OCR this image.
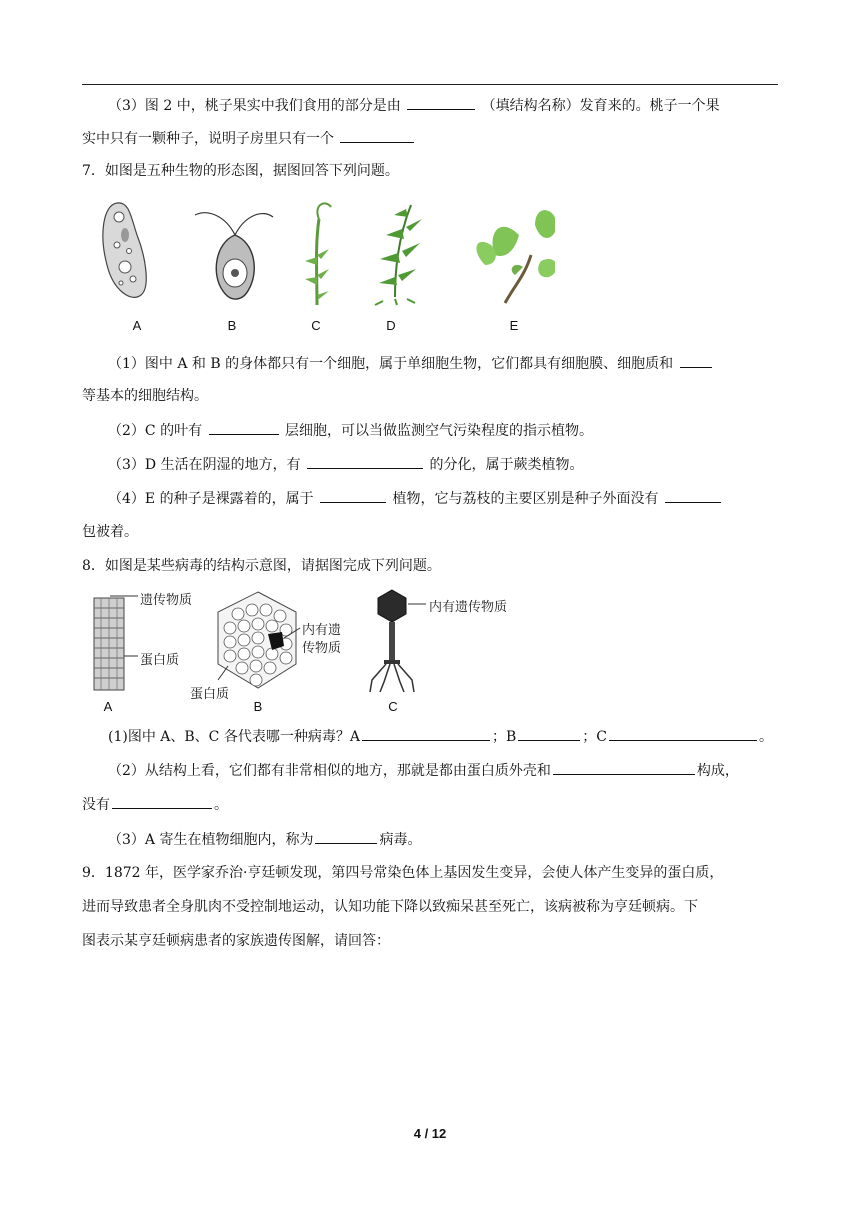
（3）图 2 中，桃子果实中我们食用的部分是由	（填结构名称）发育来的。桃子一个果
实中只有一颗种子，说明子房里只有一个
7．如图是五种生物的形态图，据图回答下列问题。
A	B	C	D	E
（1）图中 A 和 B 的身体都只有一个细胞，属于单细胞生物，它们都具有细胞膜、细胞质和
等基本的细胞结构。
（2）C 的叶有	层细胞，可以当做监测空气污染程度的指示植物。
（3）D 生活在阴湿的地方，有	的分化，属于蕨类植物。
（4）E 的种子是裸露着的，属于	植物，它与荔枝的主要区别是种子外面没有
包被着。
8．如图是某些病毒的结构示意图，请据图完成下列问题。
遗传物质
蛋白质
内有遗
传物质
蛋白质
内有遗传物质
A	B	C
(1)图中 A、B、C 各代表哪一种病毒？A	；B	；C	。
（2）从结构上看，它们都有非常相似的地方，那就是都由蛋白质外壳和	构成，
没有	。
（3）A 寄生在植物细胞内，称为	病毒。
9．1872 年，医学家乔治·亨廷顿发现，第四号常染色体上基因发生变异，会使人体产生变异的蛋白质，
进而导致患者全身肌肉不受控制地运动，认知功能下降以致痴呆甚至死亡，该病被称为亨廷顿病。下
图表示某亨廷顿病患者的家族遗传图解，请回答：
4 / 12
